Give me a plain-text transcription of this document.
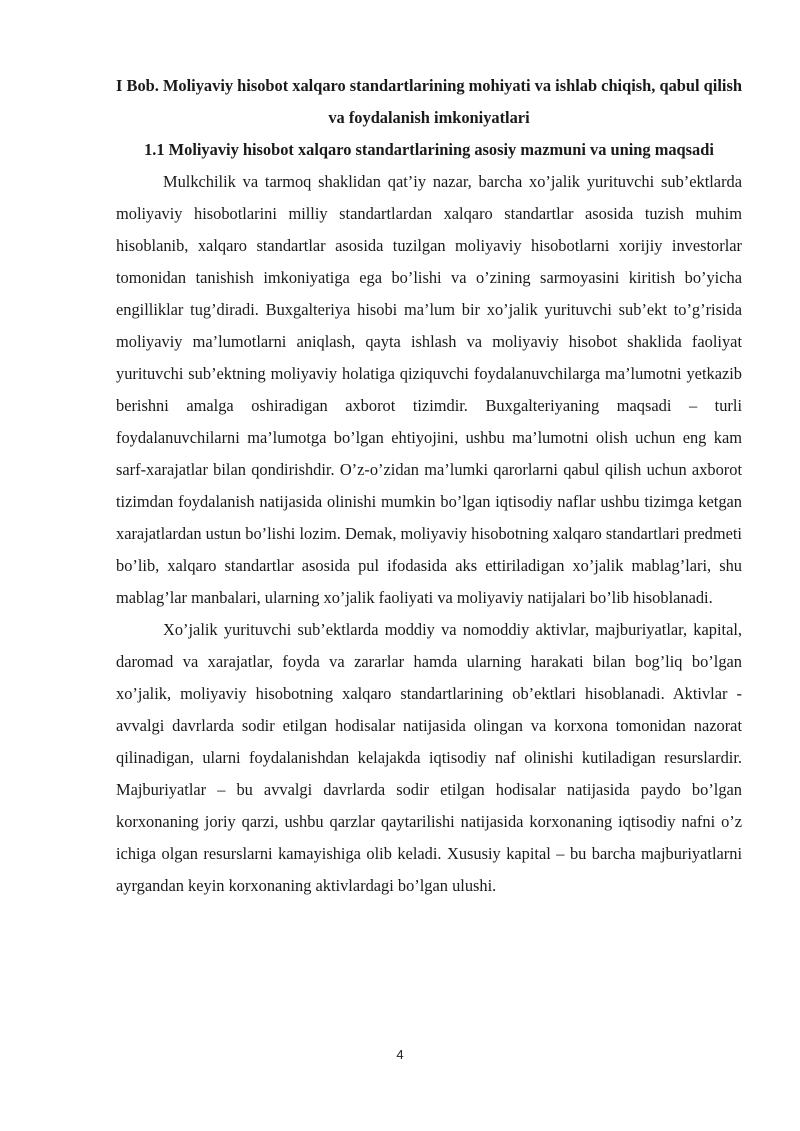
I Bob. Moliyaviy hisobot xalqaro standartlarining mohiyati va ishlab chiqish, qabul qilish va foydalanish imkoniyatlari
1.1 Moliyaviy hisobot xalqaro standartlarining asosiy mazmuni va uning maqsadi

Mulkchilik va tarmoq shaklidan qat’iy nazar, barcha xo’jalik yurituvchi sub’ektlarda moliyaviy hisobotlarini milliy standartlardan xalqaro standartlar asosida tuzish muhim hisoblanib, xalqaro standartlar asosida tuzilgan moliyaviy hisobotlarni xorijiy investorlar tomonidan tanishish imkoniyatiga ega bo’lishi va o’zining sarmoyasini kiritish bo’yicha engilliklar tug’diradi. Buxgalteriya hisobi ma’lum bir xo’jalik yurituvchi sub’ekt to’g’risida moliyaviy ma’lumotlarni aniqlash, qayta ishlash va moliyaviy hisobot shaklida faoliyat yurituvchi sub’ektning moliyaviy holatiga qiziquvchi foydalanuvchilarga ma’lumotni yetkazib berishni amalga oshiradigan axborot tizimdir. Buxgalteriyaning maqsadi – turli foydalanuvchilarni ma’lumotga bo’lgan ehtiyojini, ushbu ma’lumotni olish uchun eng kam sarf-xarajatlar bilan qondirishdir. O’z-o’zidan ma’lumki qarorlarni qabul qilish uchun axborot tizimdan foydalanish natijasida olinishi mumkin bo’lgan iqtisodiy naflar ushbu tizimga ketgan xarajatlardan ustun bo’lishi lozim. Demak, moliyaviy hisobotning xalqaro standartlari predmeti bo’lib, xalqaro standartlar asosida pul ifodasida aks ettiriladigan xo’jalik mablag’lari, shu mablag’lar manbalari, ularning xo’jalik faoliyati va moliyaviy natijalari bo’lib hisoblanadi.

Xo’jalik yurituvchi sub’ektlarda moddiy va nomoddiy aktivlar, majburiyatlar, kapital, daromad va xarajatlar, foyda va zararlar hamda ularning harakati bilan bog’liq bo’lgan xo’jalik, moliyaviy hisobotning xalqaro standartlarining ob’ektlari hisoblanadi. Aktivlar - avvalgi davrlarda sodir etilgan hodisalar natijasida olingan va korxona tomonidan nazorat qilinadigan, ularni foydalanishdan kelajakda iqtisodiy naf olinishi kutiladigan resurslardir. Majburiyatlar – bu avvalgi davrlarda sodir etilgan hodisalar natijasida paydo bo’lgan korxonaning joriy qarzi, ushbu qarzlar qaytarilishi natijasida korxonaning iqtisodiy nafni o’z ichiga olgan resurslarni kamayishiga olib keladi. Xususiy kapital – bu barcha majburiyatlarni ayrgandan keyin korxonaning aktivlardagi bo’lgan ulushi.

4
